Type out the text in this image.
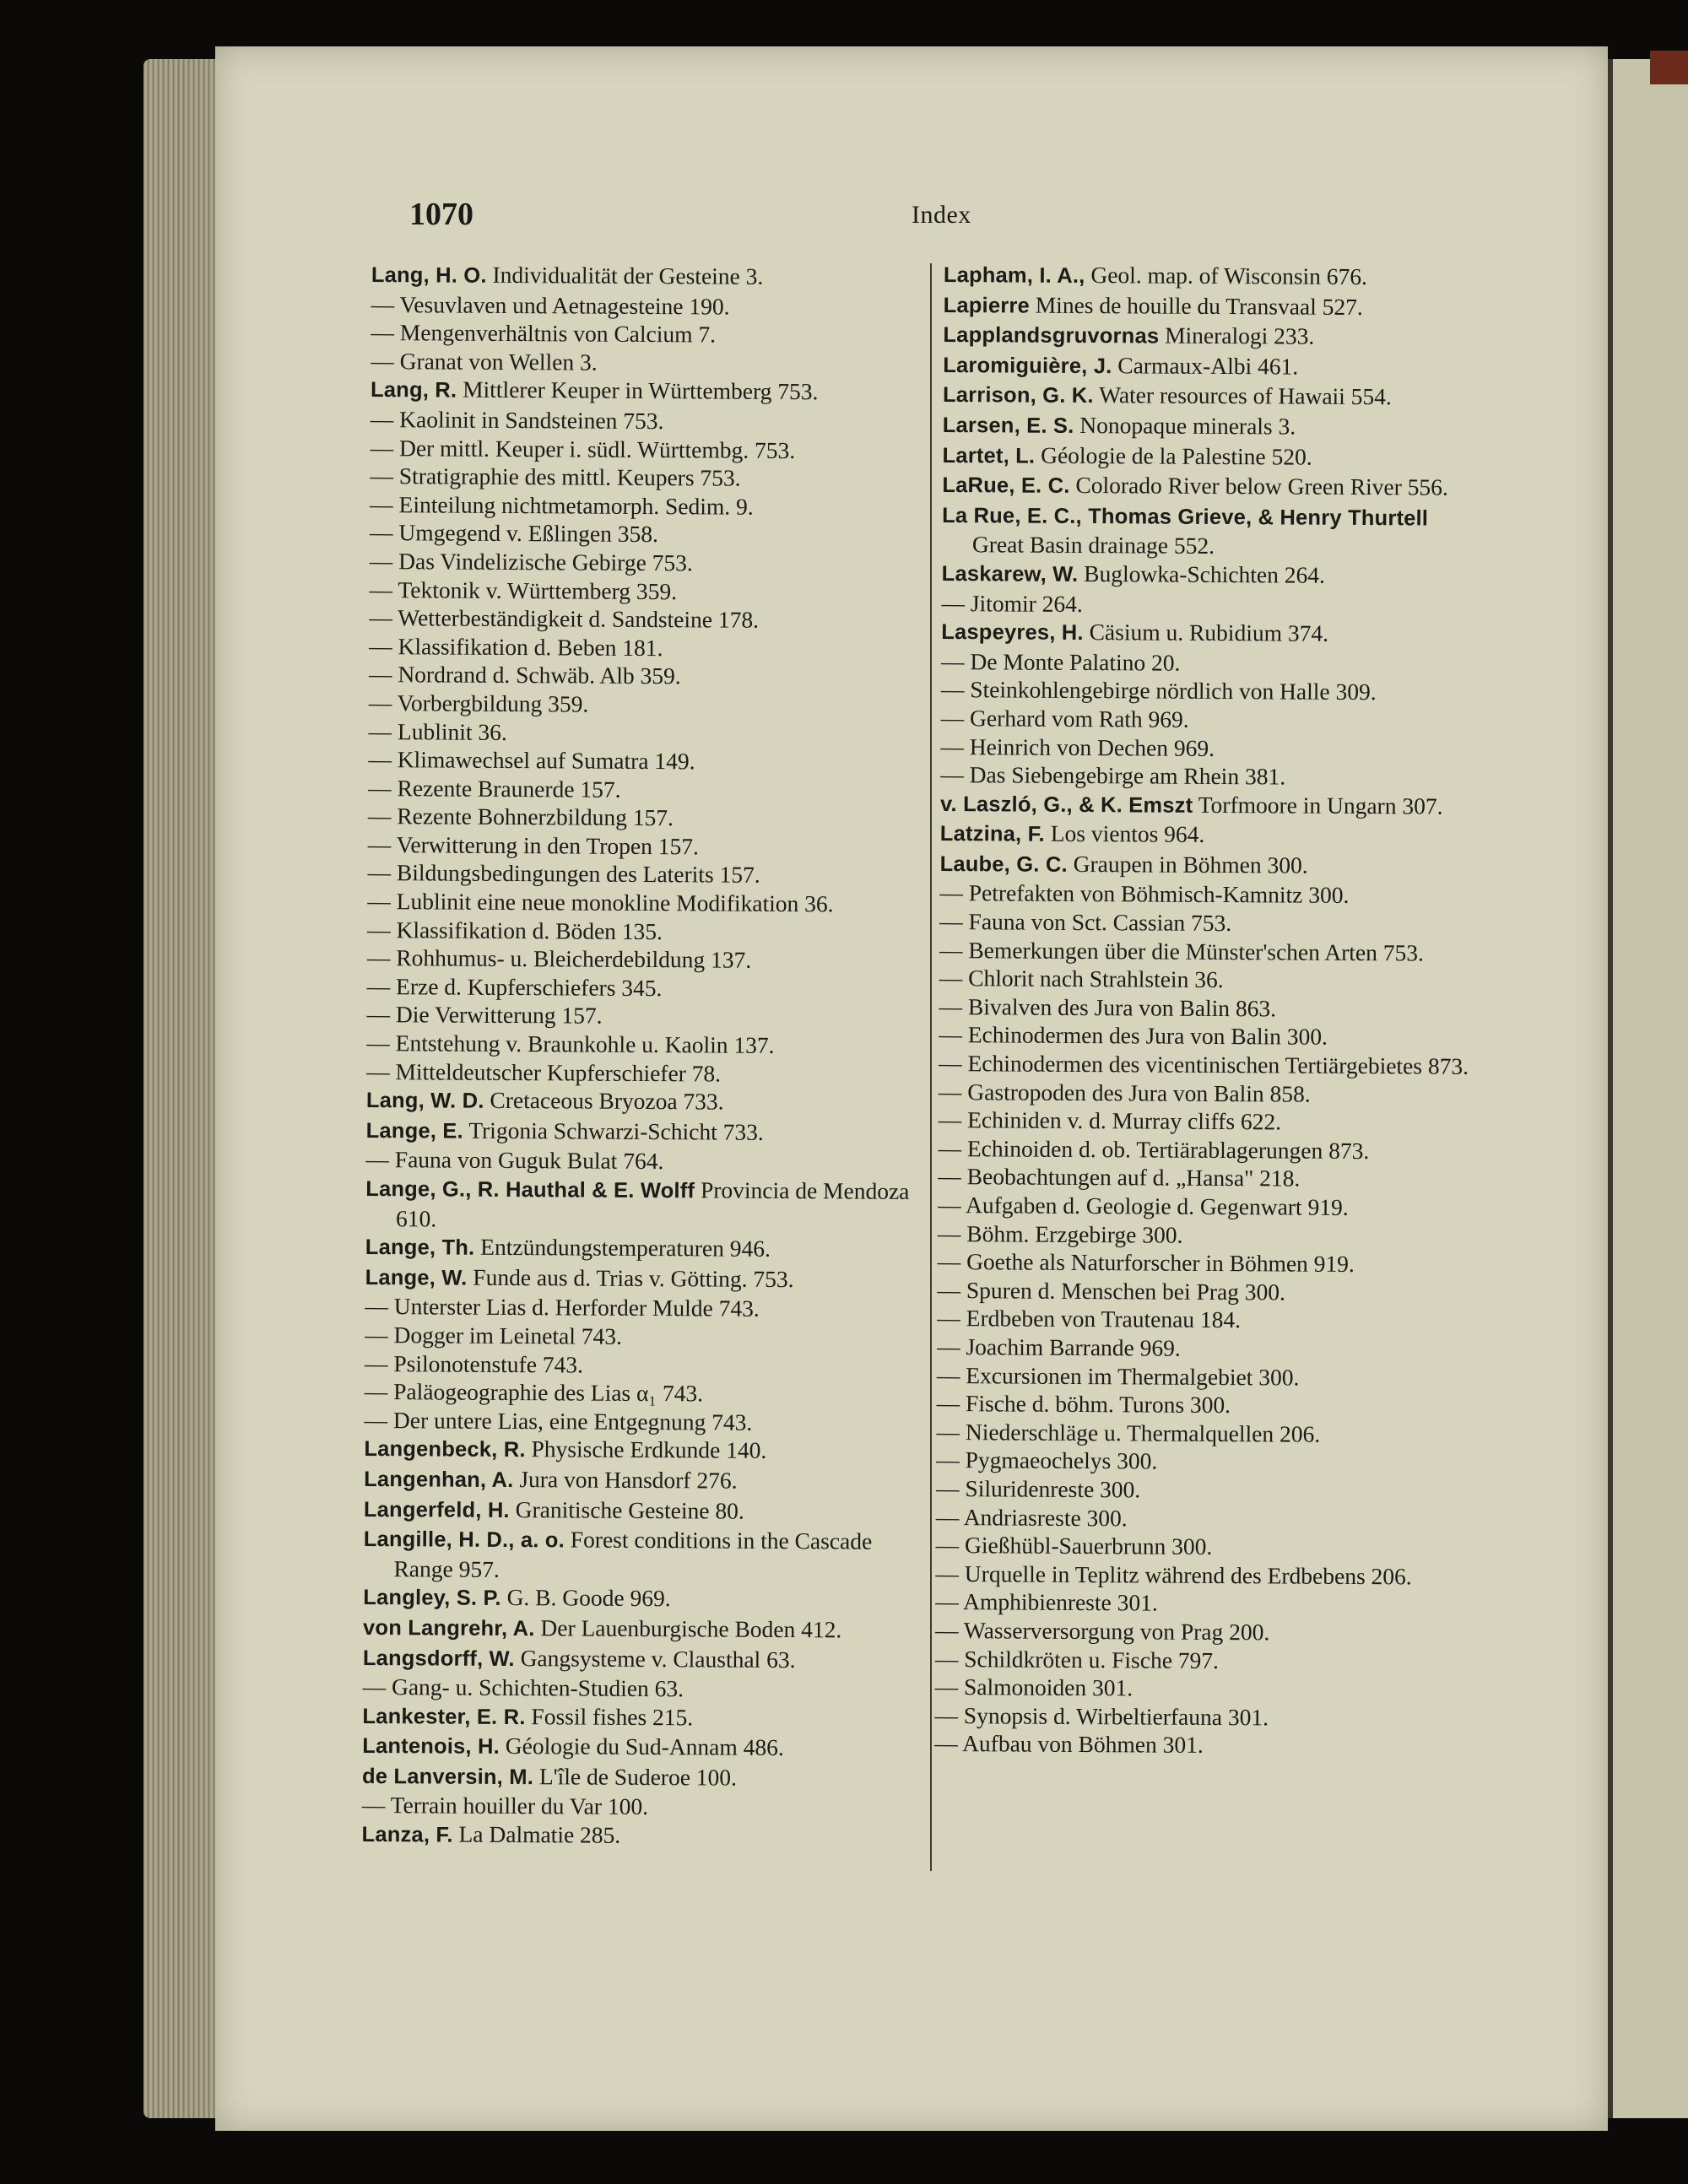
1070	Index

Lang, H. O. Individualität der Gesteine 3.

— Vesuvlaven und Aetnagesteine 190.

— Mengenverhältnis von Calcium 7.

— Granat von Wellen 3.

Lang, R. Mittlerer Keuper in Württemberg 753.

— Kaolinit in Sandsteinen 753.

— Der mittl. Keuper i. südl. Württembg. 753.

— Stratigraphie des mittl. Keupers 753.

— Einteilung nichtmetamorph. Sedim. 9.

— Umgegend v. Eßlingen 358.

— Das Vindelizische Gebirge 753.

— Tektonik v. Württemberg 359.

— Wetterbeständigkeit d. Sandsteine 178.

— Klassifikation d. Beben 181.

— Nordrand d. Schwäb. Alb 359.

— Vorbergbildung 359.

— Lublinit 36.

— Klimawechsel auf Sumatra 149.

— Rezente Braunerde 157.

— Rezente Bohnerzbildung 157.

— Verwitterung in den Tropen 157.

— Bildungsbedingungen des Laterits 157.

— Lublinit eine neue monokline Modifikation 36.

— Klassifikation d. Böden 135.

— Rohhumus- u. Bleicherdebildung 137.

— Erze d. Kupferschiefers 345.

— Die Verwitterung 157.

— Entstehung v. Braunkohle u. Kaolin 137.

— Mitteldeutscher Kupferschiefer 78.

Lang, W. D. Cretaceous Bryozoa 733.

Lange, E. Trigonia Schwarzi-Schicht 733.

— Fauna von Guguk Bulat 764.

Lange, G., R. Hauthal & E. Wolff Provincia de Mendoza 610.

Lange, Th. Entzündungstemperaturen 946.

Lange, W. Funde aus d. Trias v. Götting. 753.

— Unterster Lias d. Herforder Mulde 743.

— Dogger im Leinetal 743.

— Psilonotenstufe 743.

— Paläogeographie des Lias α₁ 743.

— Der untere Lias, eine Entgegnung 743.

Langenbeck, R. Physische Erdkunde 140.

Langenhan, A. Jura von Hansdorf 276.

Langerfeld, H. Granitische Gesteine 80.

Langille, H. D., a. o. Forest conditions in the Cascade Range 957.

Langley, S. P. G. B. Goode 969.

von Langrehr, A. Der Lauenburgische Boden 412.

Langsdorff, W. Gangsysteme v. Clausthal 63.

— Gang- u. Schichten-Studien 63.

Lankester, E. R. Fossil fishes 215.

Lantenois, H. Géologie du Sud-Annam 486.

de Lanversin, M. L'île de Suderoe 100.

— Terrain houiller du Var 100.

Lanza, F. La Dalmatie 285.

Lapham, I. A., Geol. map. of Wisconsin 676.

Lapierre Mines de houille du Transvaal 527.

Lapplandsgruvornas Mineralogi 233.

Laromiguière, J. Carmaux-Albi 461.

Larrison, G. K. Water resources of Hawaii 554.

Larsen, E. S. Nonopaque minerals 3.

Lartet, L. Géologie de la Palestine 520.

LaRue, E. C. Colorado River below Green River 556.

La Rue, E. C., Thomas Grieve, & Henry Thurtell Great Basin drainage 552.

Laskarew, W. Buglowka-Schichten 264.

— Jitomir 264.

Laspeyres, H. Cäsium u. Rubidium 374.

— De Monte Palatino 20.

— Steinkohlengebirge nördlich von Halle 309.

— Gerhard vom Rath 969.

— Heinrich von Dechen 969.

— Das Siebengebirge am Rhein 381.

v. Laszló, G., & K. Emszt Torfmoore in Ungarn 307.

Latzina, F. Los vientos 964.

Laube, G. C. Graupen in Böhmen 300.

— Petrefakten von Böhmisch-Kamnitz 300.

— Fauna von Sct. Cassian 753.

— Bemerkungen über die Münster'schen Arten 753.

— Chlorit nach Strahlstein 36.

— Bivalven des Jura von Balin 863.

— Echinodermen des Jura von Balin 300.

— Echinodermen des vicentinischen Tertiärgebietes 873.

— Gastropoden des Jura von Balin 858.

— Echiniden v. d. Murray cliffs 622.

— Echinoiden d. ob. Tertiärablagerungen 873.

— Beobachtungen auf d. „Hansa" 218.

— Aufgaben d. Geologie d. Gegenwart 919.

— Böhm. Erzgebirge 300.

— Goethe als Naturforscher in Böhmen 919.

— Spuren d. Menschen bei Prag 300.

— Erdbeben von Trautenau 184.

— Joachim Barrande 969.

— Excursionen im Thermalgebiet 300.

— Fische d. böhm. Turons 300.

— Niederschläge u. Thermalquellen 206.

— Pygmaeochelys 300.

— Siluridenreste 300.

— Andriasreste 300.

— Gießhübl-Sauerbrunn 300.

— Urquelle in Teplitz während des Erdbebens 206.

— Amphibienreste 301.

— Wasserversorgung von Prag 200.

— Schildkröten u. Fische 797.

— Salmonoiden 301.

— Synopsis d. Wirbeltierfauna 301.

— Aufbau von Böhmen 301.
